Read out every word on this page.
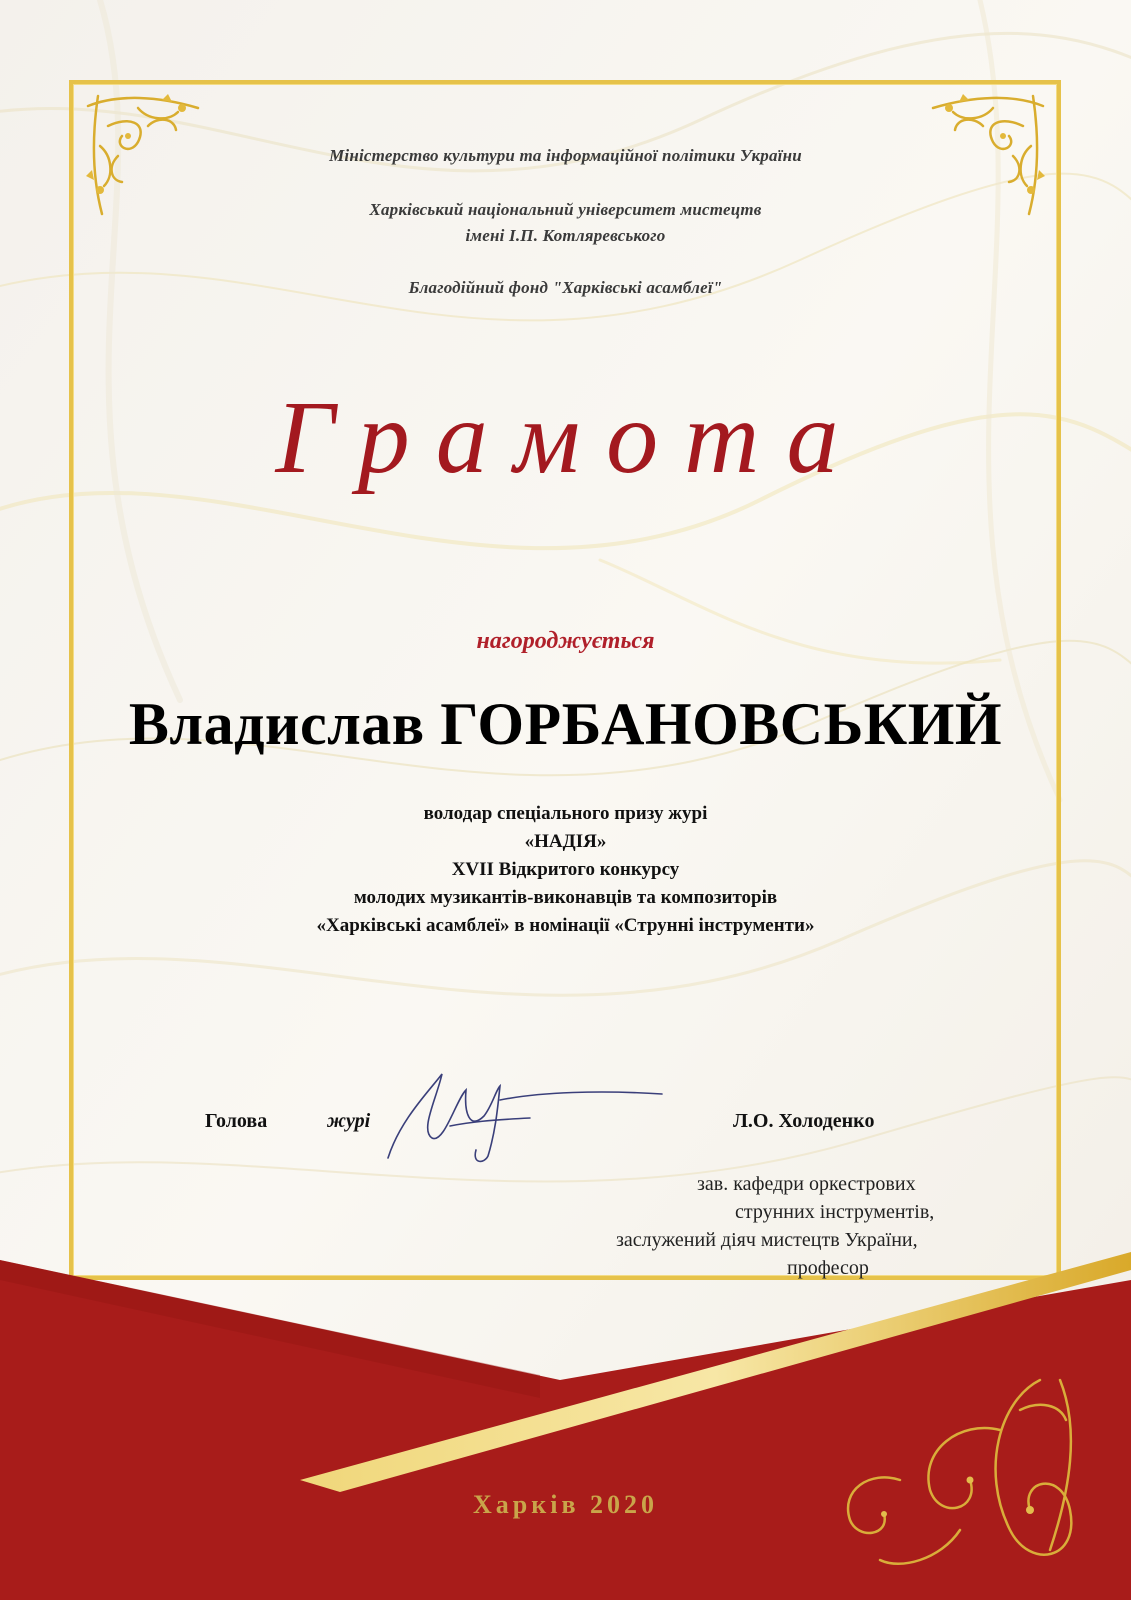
Міністерство культури та інформаційної політики України
Харківський національний університет мистецтв
імені І.П. Котляревського
Благодійний фонд "Харківські асамблеї"
Грамота
нагороджується
Владислав ГОРБАНОВСЬКИЙ
володар спеціального призу журі
«НАДІЯ»
XVII Відкритого конкурсу
молодих музикантів-виконавців та композиторів
«Харківські асамблеї» в номінації «Струнні інструменти»
Голова	журі	Л.О. Холоденко
зав. кафедри оркестрових
струнних інструментів,
заслужений діяч мистецтв України,
професор
Харків 2020
